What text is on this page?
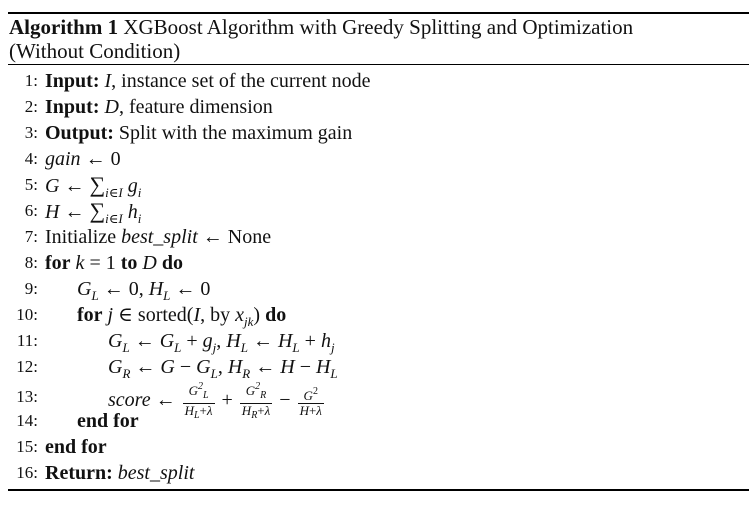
Algorithm 1 XGBoost Algorithm with Greedy Splitting and Optimization
(Without Condition)
1: Input: I, instance set of the current node
2: Input: D, feature dimension
3: Output: Split with the maximum gain
4: gain ← 0
5: G ← $\sum_{i\in I}$ $g_i$
6: H ← $\sum_{i\in I}$ $h_i$
7: Initialize best_split ← None
8: for k = 1 to D do
9: $G_L$ ← 0, $H_L$ ← 0
10: for j ∈ sorted(I, by $x_{jk}$) do
11:	$G_L$ ← $G_L + g_j$, $H_L$ ← $H_L + h_j$
12:	$G_R$ ← $G - G_L$, $H_R$ ← $H - H_L$
13:	score ← $\frac{G^2_L}{H_L+\lambda} + \frac{G^2_R}{H_R+\lambda} - \frac{G^2}{H+\lambda}$
14: end for
15: end for
16: Return: best_split
